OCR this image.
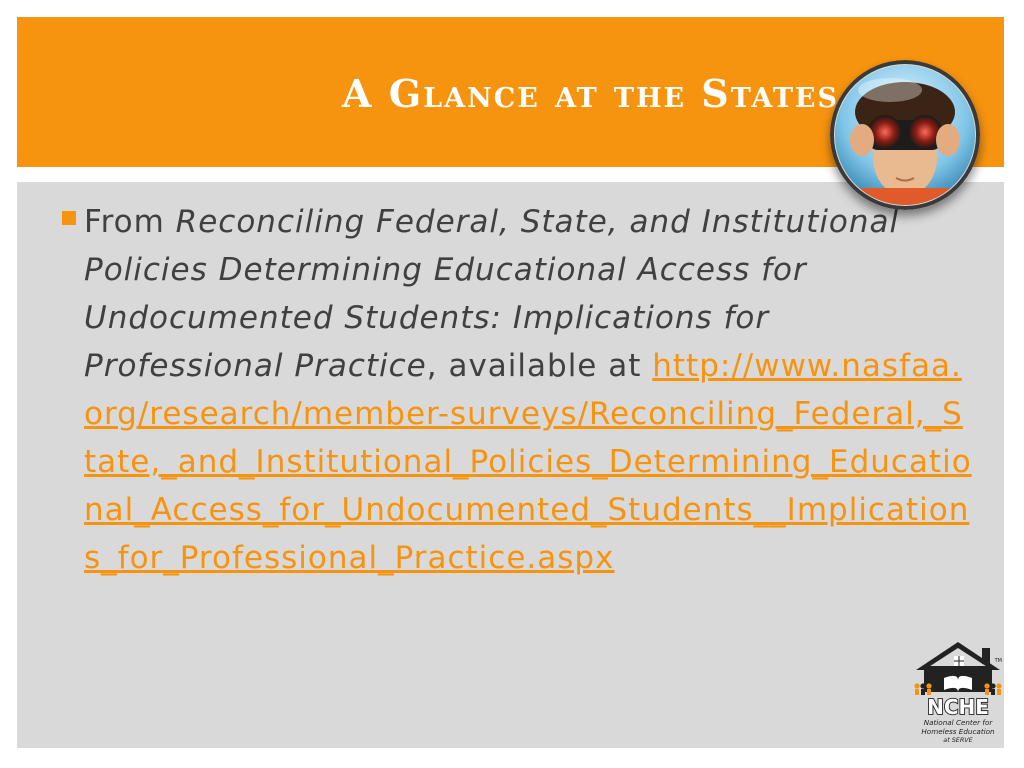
A Glance at the States

From Reconciling Federal, State, and Institutional Policies Determining Educational Access for Undocumented Students: Implications for Professional Practice, available at http://www.nasfaa.org/research/member-surveys/Reconciling_Federal,_State,_and_Institutional_Policies_Determining_Educational_Access_for_Undocumented_Students__Implications_for_Professional_Practice.aspx

TM
NCHE
National Center for
Homeless Education
at SERVE
